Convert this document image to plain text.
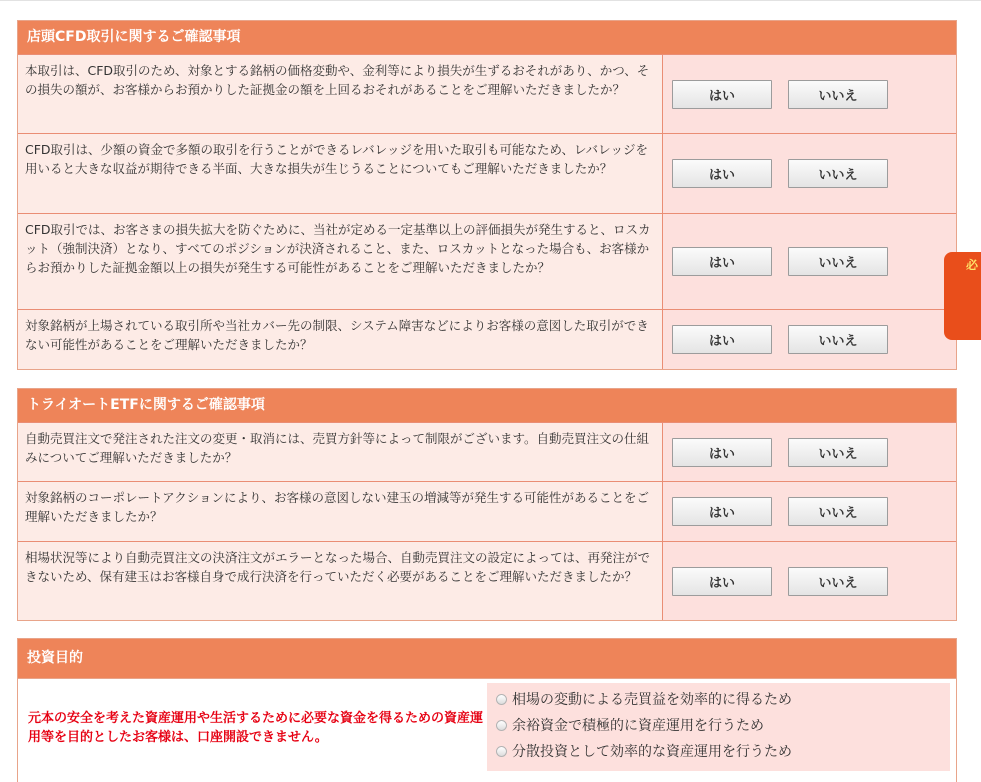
店頭CFD取引に関するご確認事項
本取引は、CFD取引のため、対象とする銘柄の価格変動や、金利等により損失が生ずるおそれがあり、かつ、その損失の額が、お客様からお預かりした証拠金の額を上回るおそれがあることをご理解いただきましたか？	はい	いいえ
CFD取引は、少額の資金で多額の取引を行うことができるレバレッジを用いた取引も可能なため、レバレッジを用いると大きな収益が期待できる半面、大きな損失が生じうることについてもご理解いただきましたか？	はい	いいえ
CFD取引では、お客さまの損失拡大を防ぐために、当社が定める一定基準以上の評価損失が発生すると、ロスカット（強制決済）となり、すべてのポジションが決済されること、また、ロスカットとなった場合も、お客様からお預かりした証拠金額以上の損失が発生する可能性があることをご理解いただきましたか？	はい	いいえ
対象銘柄が上場されている取引所や当社カバー先の制限、システム障害などによりお客様の意図した取引ができない可能性があることをご理解いただきましたか？	はい	いいえ
トライオートETFに関するご確認事項
自動売買注文で発注された注文の変更・取消には、売買方針等によって制限がございます。自動売買注文の仕組みについてご理解いただきましたか？	はい	いいえ
対象銘柄のコーポレートアクションにより、お客様の意図しない建玉の増減等が発生する可能性があることをご理解いただきましたか？	はい	いいえ
相場状況等により自動売買注文の決済注文がエラーとなった場合、自動売買注文の設定によっては、再発注ができないため、保有建玉はお客様自身で成行決済を行っていただく必要があることをご理解いただきましたか？	はい	いいえ
投資目的
元本の安全を考えた資産運用や生活するために必要な資金を得るための資産運用等を目的としたお客様は、口座開設できません。
相場の変動による売買益を効率的に得るため
余裕資金で積極的に資産運用を行うため
分散投資として効率的な資産運用を行うため
必
